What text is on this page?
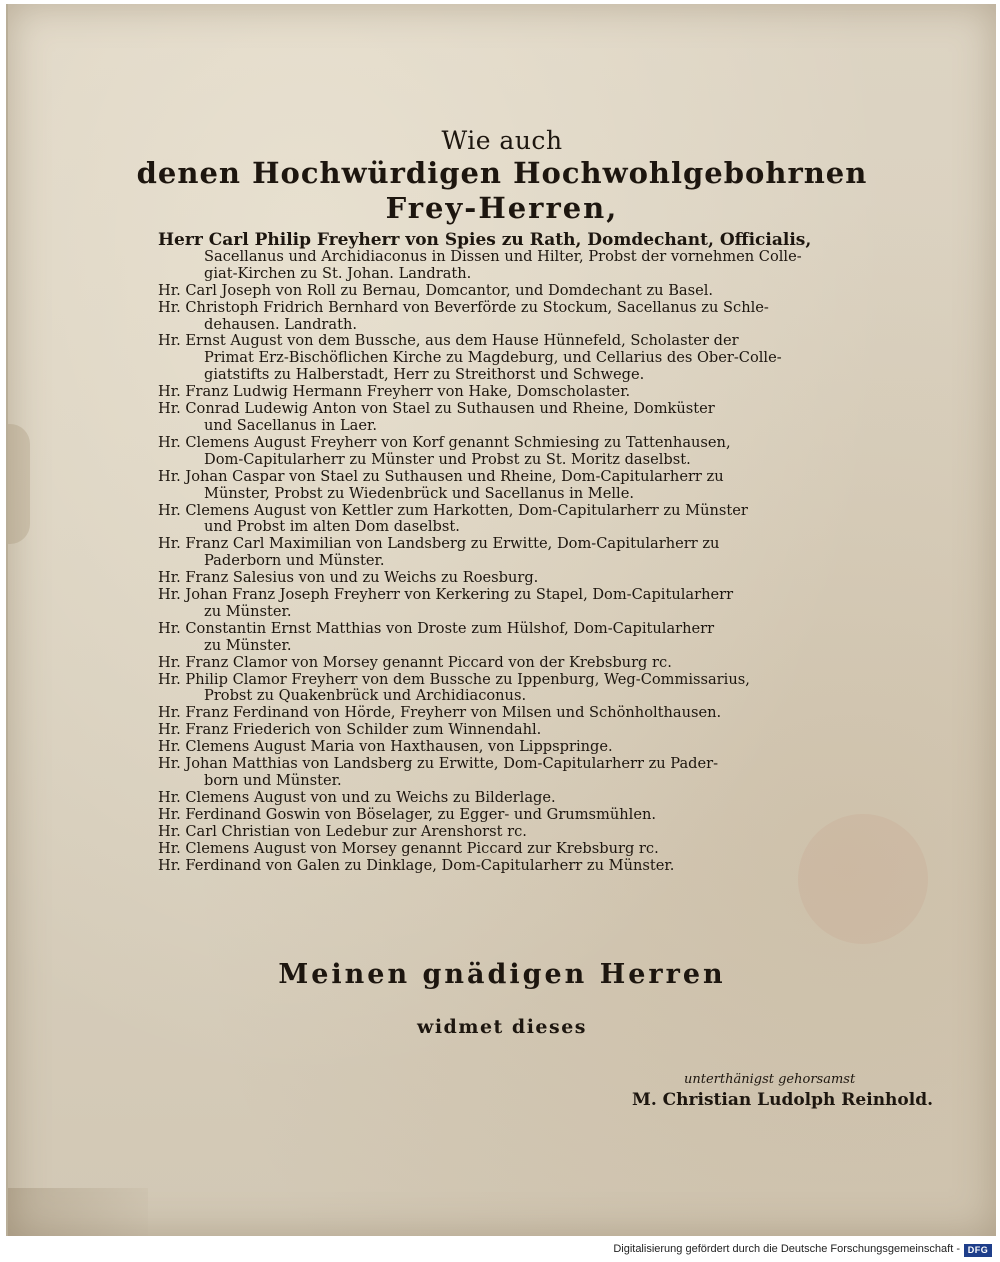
Wie auch
denen Hochwürdigen Hochwohlgebohrnen
Frey-Herren,
Herr Carl Philip Freyherr von Spies zu Rath, Domdechant, Officialis,
Sacellanus und Archidiaconus in Dissen und Hilter, Probst der vornehmen Colle-
giat-Kirchen zu St. Johan. Landrath.
Hr. Carl Joseph von Roll zu Bernau, Domcantor, und Domdechant zu Basel.
Hr. Christoph Fridrich Bernhard von Beverförde zu Stockum, Sacellanus zu Schle-
dehausen. Landrath.
Hr. Ernst August von dem Bussche, aus dem Hause Hünnefeld, Scholaster der
Primat Erz-Bischöflichen Kirche zu Magdeburg, und Cellarius des Ober-Colle-
giatstifts zu Halberstadt, Herr zu Streithorst und Schwege.
Hr. Franz Ludwig Hermann Freyherr von Hake, Domscholaster.
Hr. Conrad Ludewig Anton von Stael zu Suthausen und Rheine, Domküster
und Sacellanus in Laer.
Hr. Clemens August Freyherr von Korf genannt Schmiesing zu Tattenhausen,
Dom-Capitularherr zu Münster und Probst zu St. Moritz daselbst.
Hr. Johan Caspar von Stael zu Suthausen und Rheine, Dom-Capitularherr zu
Münster, Probst zu Wiedenbrück und Sacellanus in Melle.
Hr. Clemens August von Kettler zum Harkotten, Dom-Capitularherr zu Münster
und Probst im alten Dom daselbst.
Hr. Franz Carl Maximilian von Landsberg zu Erwitte, Dom-Capitularherr zu
Paderborn und Münster.
Hr. Franz Salesius von und zu Weichs zu Roesburg.
Hr. Johan Franz Joseph Freyherr von Kerkering zu Stapel, Dom-Capitularherr
zu Münster.
Hr. Constantin Ernst Matthias von Droste zum Hülshof, Dom-Capitularherr
zu Münster.
Hr. Franz Clamor von Morsey genannt Piccard von der Krebsburg rc.
Hr. Philip Clamor Freyherr von dem Bussche zu Ippenburg, Weg-Commissarius,
Probst zu Quakenbrück und Archidiaconus.
Hr. Franz Ferdinand von Hörde, Freyherr von Milsen und Schönholthausen.
Hr. Franz Friederich von Schilder zum Winnendahl.
Hr. Clemens August Maria von Haxthausen, von Lippspringe.
Hr. Johan Matthias von Landsberg zu Erwitte, Dom-Capitularherr zu Pader-
born und Münster.
Hr. Clemens August von und zu Weichs zu Bilderlage.
Hr. Ferdinand Goswin von Böselager, zu Egger- und Grumsmühlen.
Hr. Carl Christian von Ledebur zur Arenshorst rc.
Hr. Clemens August von Morsey genannt Piccard zur Krebsburg rc.
Hr. Ferdinand von Galen zu Dinklage, Dom-Capitularherr zu Münster.
Meinen gnädigen Herren
widmet dieses
unterthänigst gehorsamst
M. Christian Ludolph Reinhold.
Digitalisierung gefördert durch die Deutsche Forschungsgemeinschaft - DFG
